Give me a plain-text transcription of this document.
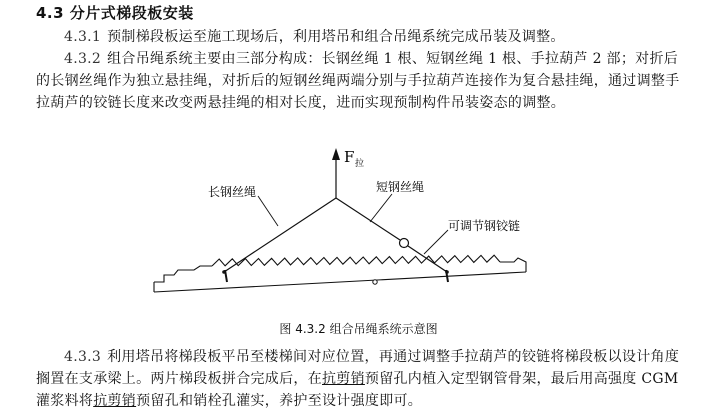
4.3 分片式梯段板安装
4.3.1 预制梯段板运至施工现场后，利用塔吊和组合吊绳系统完成吊装及调整。
4.3.2 组合吊绳系统主要由三部分构成：长钢丝绳 1 根、短钢丝绳 1 根、手拉葫芦 2 部；对折后的长钢丝绳作为独立悬挂绳，对折后的短钢丝绳两端分别与手拉葫芦连接作为复合悬挂绳，通过调整手拉葫芦的铰链长度来改变两悬挂绳的相对长度，进而实现预制构件吊装姿态的调整。
F 拉
长钢丝绳	短钢丝绳
可调节钢铰链
图 4.3.2 组合吊绳系统示意图
4.3.3 利用塔吊将梯段板平吊至楼梯间对应位置，再通过调整手拉葫芦的铰链将梯段板以设计角度搁置在支承梁上。两片梯段板拼合完成后，在抗剪销预留孔内植入定型钢管骨架，最后用高强度 CGM 灌浆料将抗剪销预留孔和销栓孔灌实，养护至设计强度即可。
